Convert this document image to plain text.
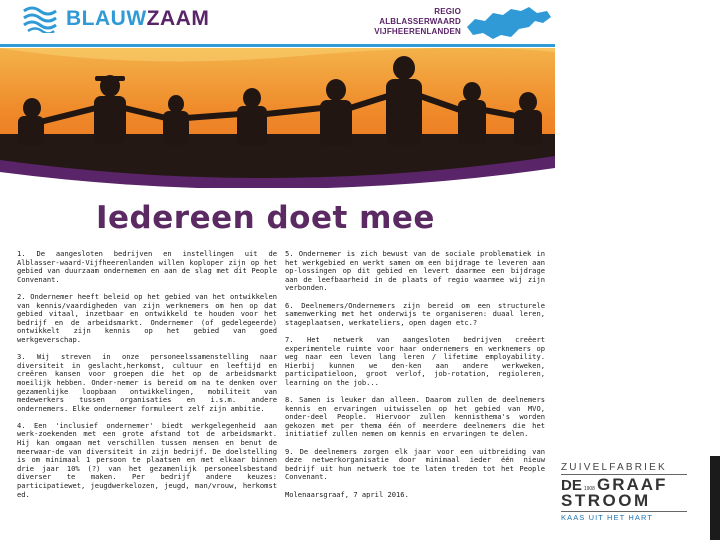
BLAUWZAAM	REGIO
ALBLASSERWAARD
VIJFHEERENLANDEN
Iedereen doet mee

1. De aangesloten bedrijven en instellingen uit de Alblasser-waard-Vijfheerenlanden willen koploper zijn op het gebied van duurzaam ondernemen en aan de slag met dit People Convenant.

2. Ondernemer heeft beleid op het gebied van het ontwikkelen van kennis/vaardigheden van zijn werknemers om hen op dat gebied vitaal, inzetbaar en ontwikkeld te houden voor het bedrijf en de arbeidsmarkt. Ondernemer (of gedelegeerde) ontwikkelt zijn kennis op het gebied van goed werkgeverschap.

3. Wij streven in onze personeelssamenstelling naar diversiteit in geslacht,herkomst, cultuur en leeftijd en creëren kansen voor groepen die het op de arbeidsmarkt moeilijk hebben. Onder-nemer is bereid om na te denken over gezamenlijke loopbaan ontwikkelingen, mobiliteit van medewerkers tussen organisaties en i.s.m. andere ondernemers. Elke ondernemer formuleert zelf zijn ambitie.

4. Een 'inclusief ondernemer' biedt werkgelegenheid aan werk-zoekenden met een grote afstand tot de arbeidsmarkt. Hij kan omgaan met verschillen tussen mensen en benut de meerwaar-de van diversiteit in zijn bedrijf. De doelstelling is om minimaal 1 persoon te plaatsen en met elkaar binnen drie jaar 10% (?) van het gezamenlijk personeelsbestand diverser te maken. Per bedrijf andere keuzes: participatiewet, jeugdwerkelozen, jeugd, man/vrouw, herkomst ed.

5. Ondernemer is zich bewust van de sociale problematiek in het werkgebied en werkt samen om een bijdrage te leveren aan op-lossingen op dit gebied en levert daarmee een bijdrage aan de leefbaarheid in de plaats of regio waarmee wij zijn verbonden.

6. Deelnemers/Ondernemers zijn bereid om een structurele samenwerking met het onderwijs te organiseren: duaal leren, stageplaatsen, werkateliers, open dagen etc.?

7. Het netwerk van aangesloten bedrijven creëert experimentele ruimte voor haar ondernemers en werknemers op weg naar een leven lang leren / lifetime employability. Hierbij kunnen we den-ken aan andere werkweken, participatieloon, groot verlof, job-rotation, regioleren, learning on the job...

8. Samen is leuker dan alleen. Daarom zullen de deelnemers kennis en ervaringen uitwisselen op het gebied van MVO, onder-deel People. Hiervoor zullen kennisthema's worden gekozen met per thema één of meerdere deelnemers die het initiatief zullen nemen om kennis en ervaringen te delen.

9. De deelnemers zorgen elk jaar voor een uitbreiding van deze netwerkorganisatie door minimaal ieder één nieuw bedrijf uit hun netwerk toe te laten treden tot het People Convenant.

Molenaarsgraaf, 7 april 2016.

ZUIVELFABRIEK
DE 1908 GRAAF
STROOM
KAAS UIT HET HART
